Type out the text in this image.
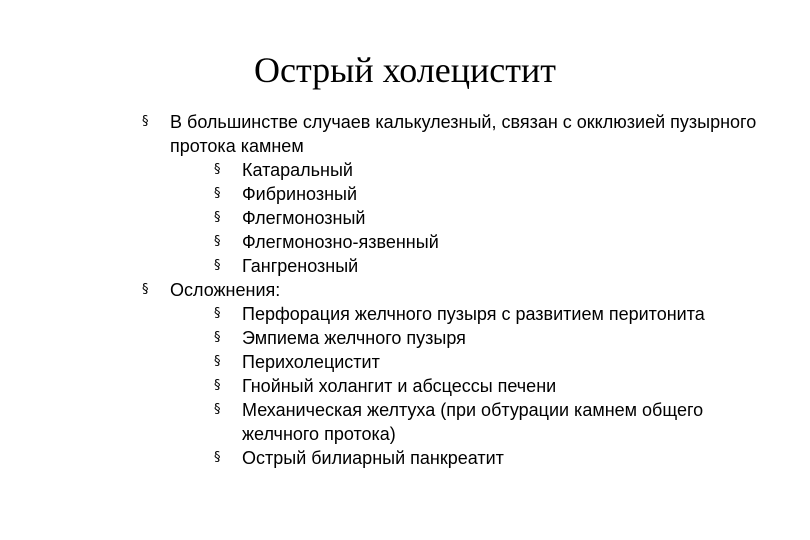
Острый холецистит
§	В большинстве случаев калькулезный, связан с окклюзией пузырного протока камнем
§	Катаральный
§	Фибринозный
§	Флегмонозный
§	Флегмонозно-язвенный
§	Гангренозный
§	Осложнения:
§	Перфорация желчного пузыря с развитием перитонита
§	Эмпиема желчного пузыря
§	Перихолецистит
§	Гнойный холангит и абсцессы печени
§	Механическая желтуха (при обтурации камнем общего желчного протока)
§	Острый билиарный панкреатит
